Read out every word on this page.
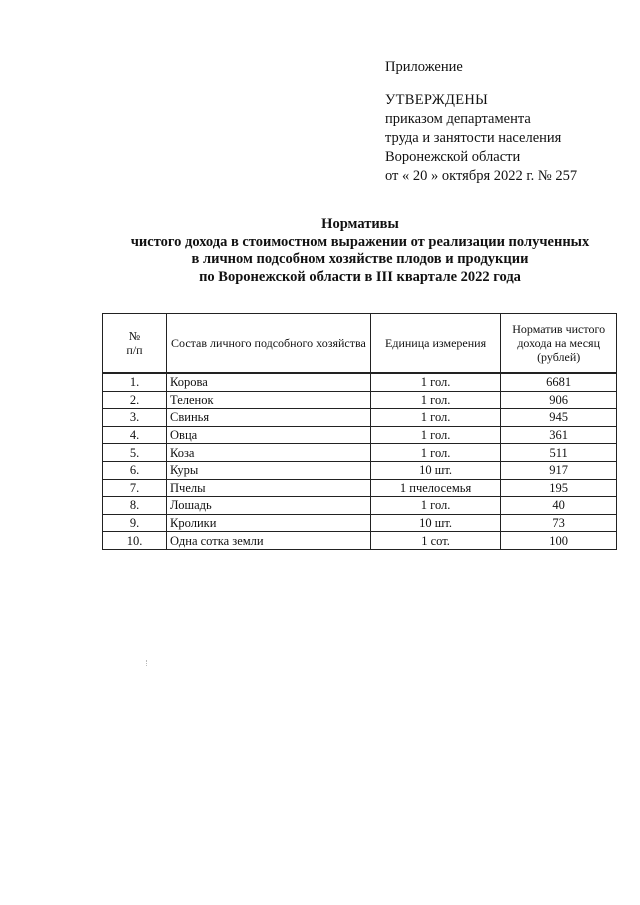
Приложение
УТВЕРЖДЕНЫ
приказом департамента
труда и занятости населения
Воронежской области
от « 20 » октября 2022 г. № 257
Нормативы
чистого дохода в стоимостном выражении от реализации полученных
в личном подсобном хозяйстве плодов и продукции
по Воронежской области в III квартале 2022 года
№
п/п	Состав личного подсобного хозяйства	Единица измерения	Норматив чистого дохода на месяц (рублей)
1.	Корова	1 гол.	6681
2.	Теленок	1 гол.	906
3.	Свинья	1 гол.	945
4.	Овца	1 гол.	361
5.	Коза	1 гол.	511
6.	Куры	10 шт.	917
7.	Пчелы	1 пчелосемья	195
8.	Лошадь	1 гол.	40
9.	Кролики	10 шт.	73
10.	Одна сотка земли	1 сот.	100
